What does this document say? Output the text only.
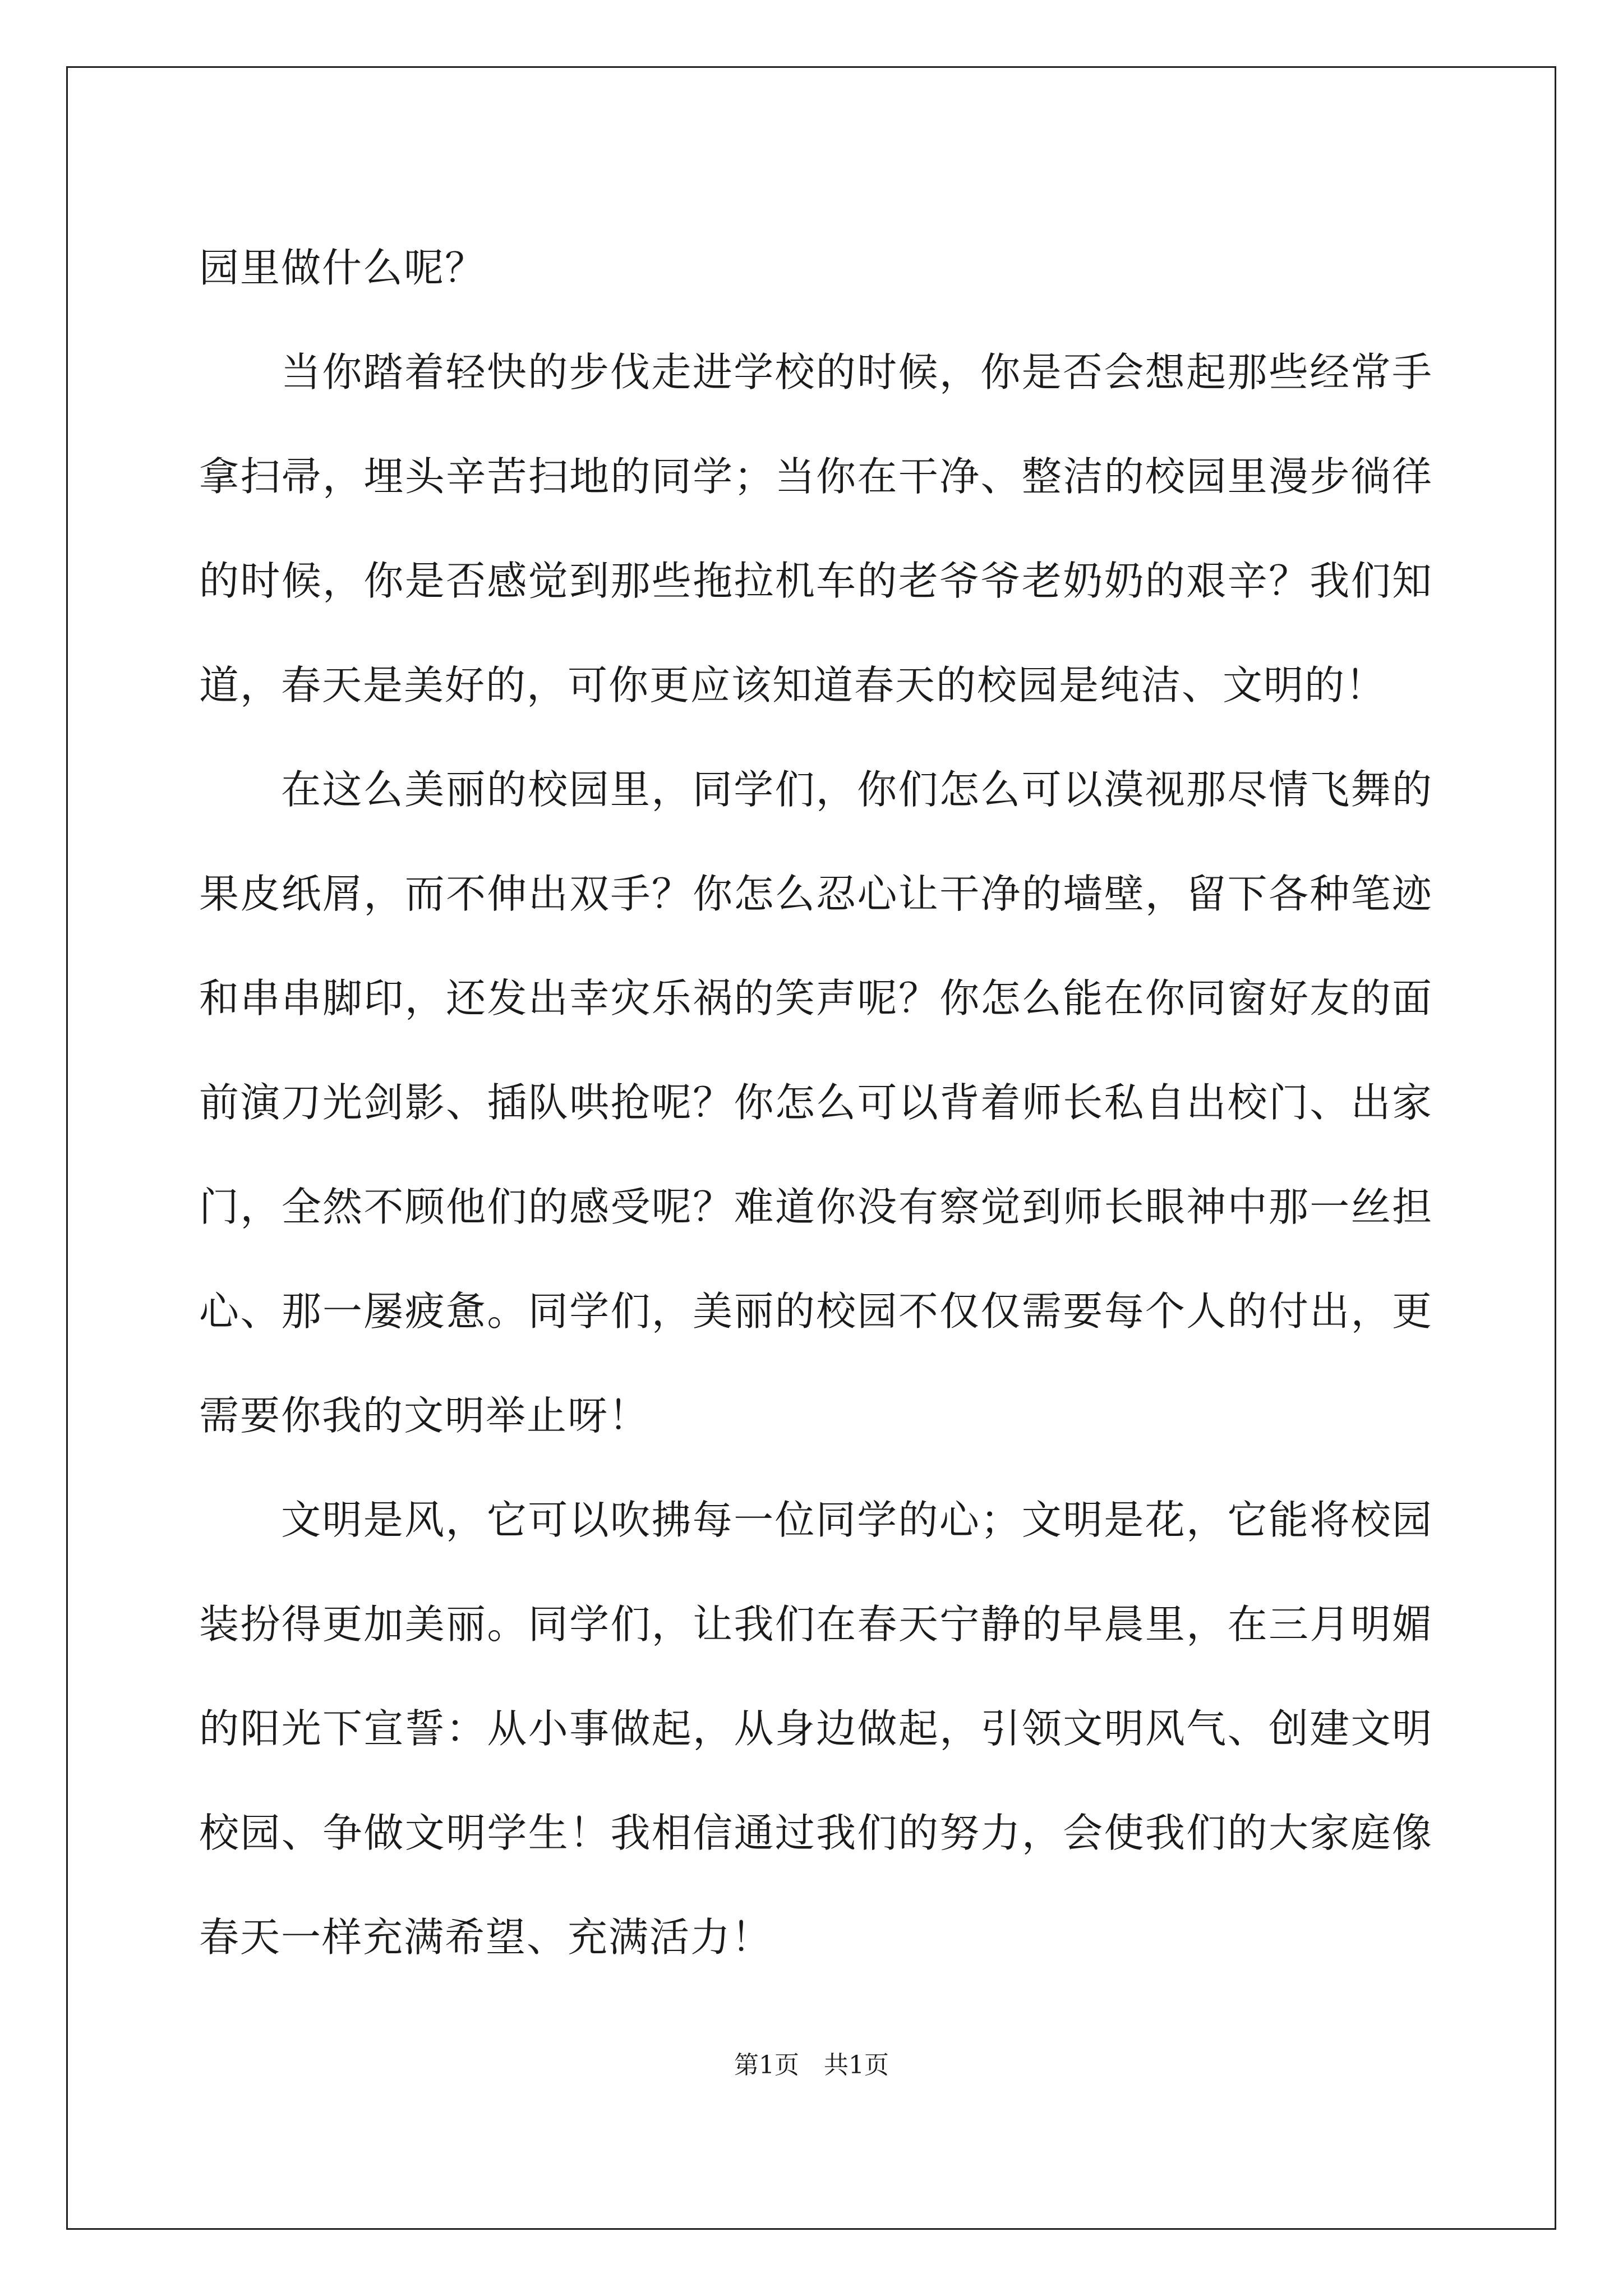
园里做什么呢？

当你踏着轻快的步伐走进学校的时候，你是否会想起那些经常手拿扫帚，埋头辛苦扫地的同学；当你在干净、整洁的校园里漫步徜徉的时候，你是否感觉到那些拖拉机车的老爷爷老奶奶的艰辛？我们知道，春天是美好的，可你更应该知道春天的校园是纯洁、文明的！

在这么美丽的校园里，同学们，你们怎么可以漠视那尽情飞舞的果皮纸屑，而不伸出双手？你怎么忍心让干净的墙壁，留下各种笔迹和串串脚印，还发出幸灾乐祸的笑声呢？你怎么能在你同窗好友的面前演刀光剑影、插队哄抢呢？你怎么可以背着师长私自出校门、出家门，全然不顾他们的感受呢？难道你没有察觉到师长眼神中那一丝担心、那一屡疲惫。同学们，美丽的校园不仅仅需要每个人的付出，更需要你我的文明举止呀！

文明是风，它可以吹拂每一位同学的心；文明是花，它能将校园装扮得更加美丽。同学们，让我们在春天宁静的早晨里，在三月明媚的阳光下宣誓：从小事做起，从身边做起，引领文明风气、创建文明校园、争做文明学生！我相信通过我们的努力，会使我们的大家庭像春天一样充满希望、充满活力！

第1页　共1页
